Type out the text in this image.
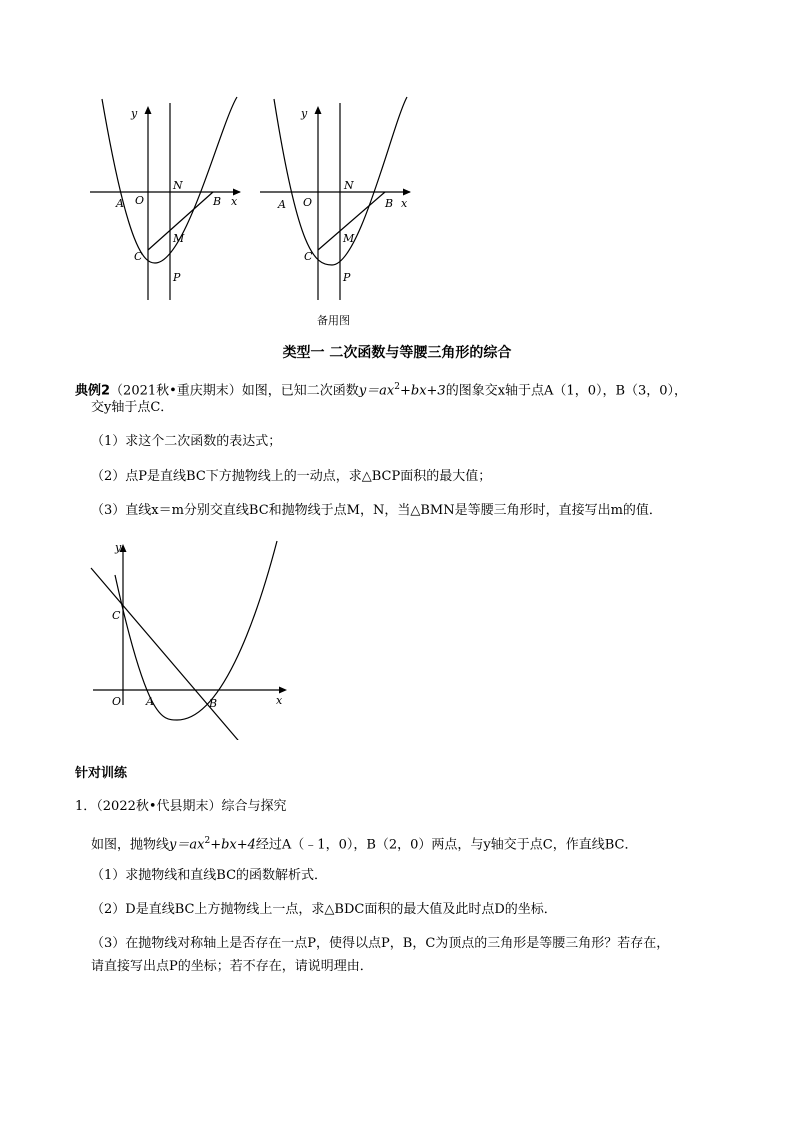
y
x
A O
N
B
M
C
P
y
x
A O
N
B
M
C
P
备用图
类型一 二次函数与等腰三角形的综合
典例2（2021秋•重庆期末）如图，已知二次函数$y=ax^2+bx+3$的图象交x轴于点A（1，0），B（3，0），
交y轴于点C．
（1）求这个二次函数的表达式；
（2）点P是直线BC下方抛物线上的一动点，求△BCP面积的最大值；
（3）直线x＝m分别交直线BC和抛物线于点M，N，当△BMN是等腰三角形时，直接写出m的值．
y
C
O A	B	x
针对训练
1．（2022秋•代县期末）综合与探究
如图，抛物线$y=ax^2+bx+4$经过A（﹣1，0），B（2，0）两点，与y轴交于点C，作直线BC．
（1）求抛物线和直线BC的函数解析式．
（2）D是直线BC上方抛物线上一点，求△BDC面积的最大值及此时点D的坐标．
（3）在抛物线对称轴上是否存在一点P，使得以点P，B，C为顶点的三角形是等腰三角形？若存在，
请直接写出点P的坐标；若不存在，请说明理由．
